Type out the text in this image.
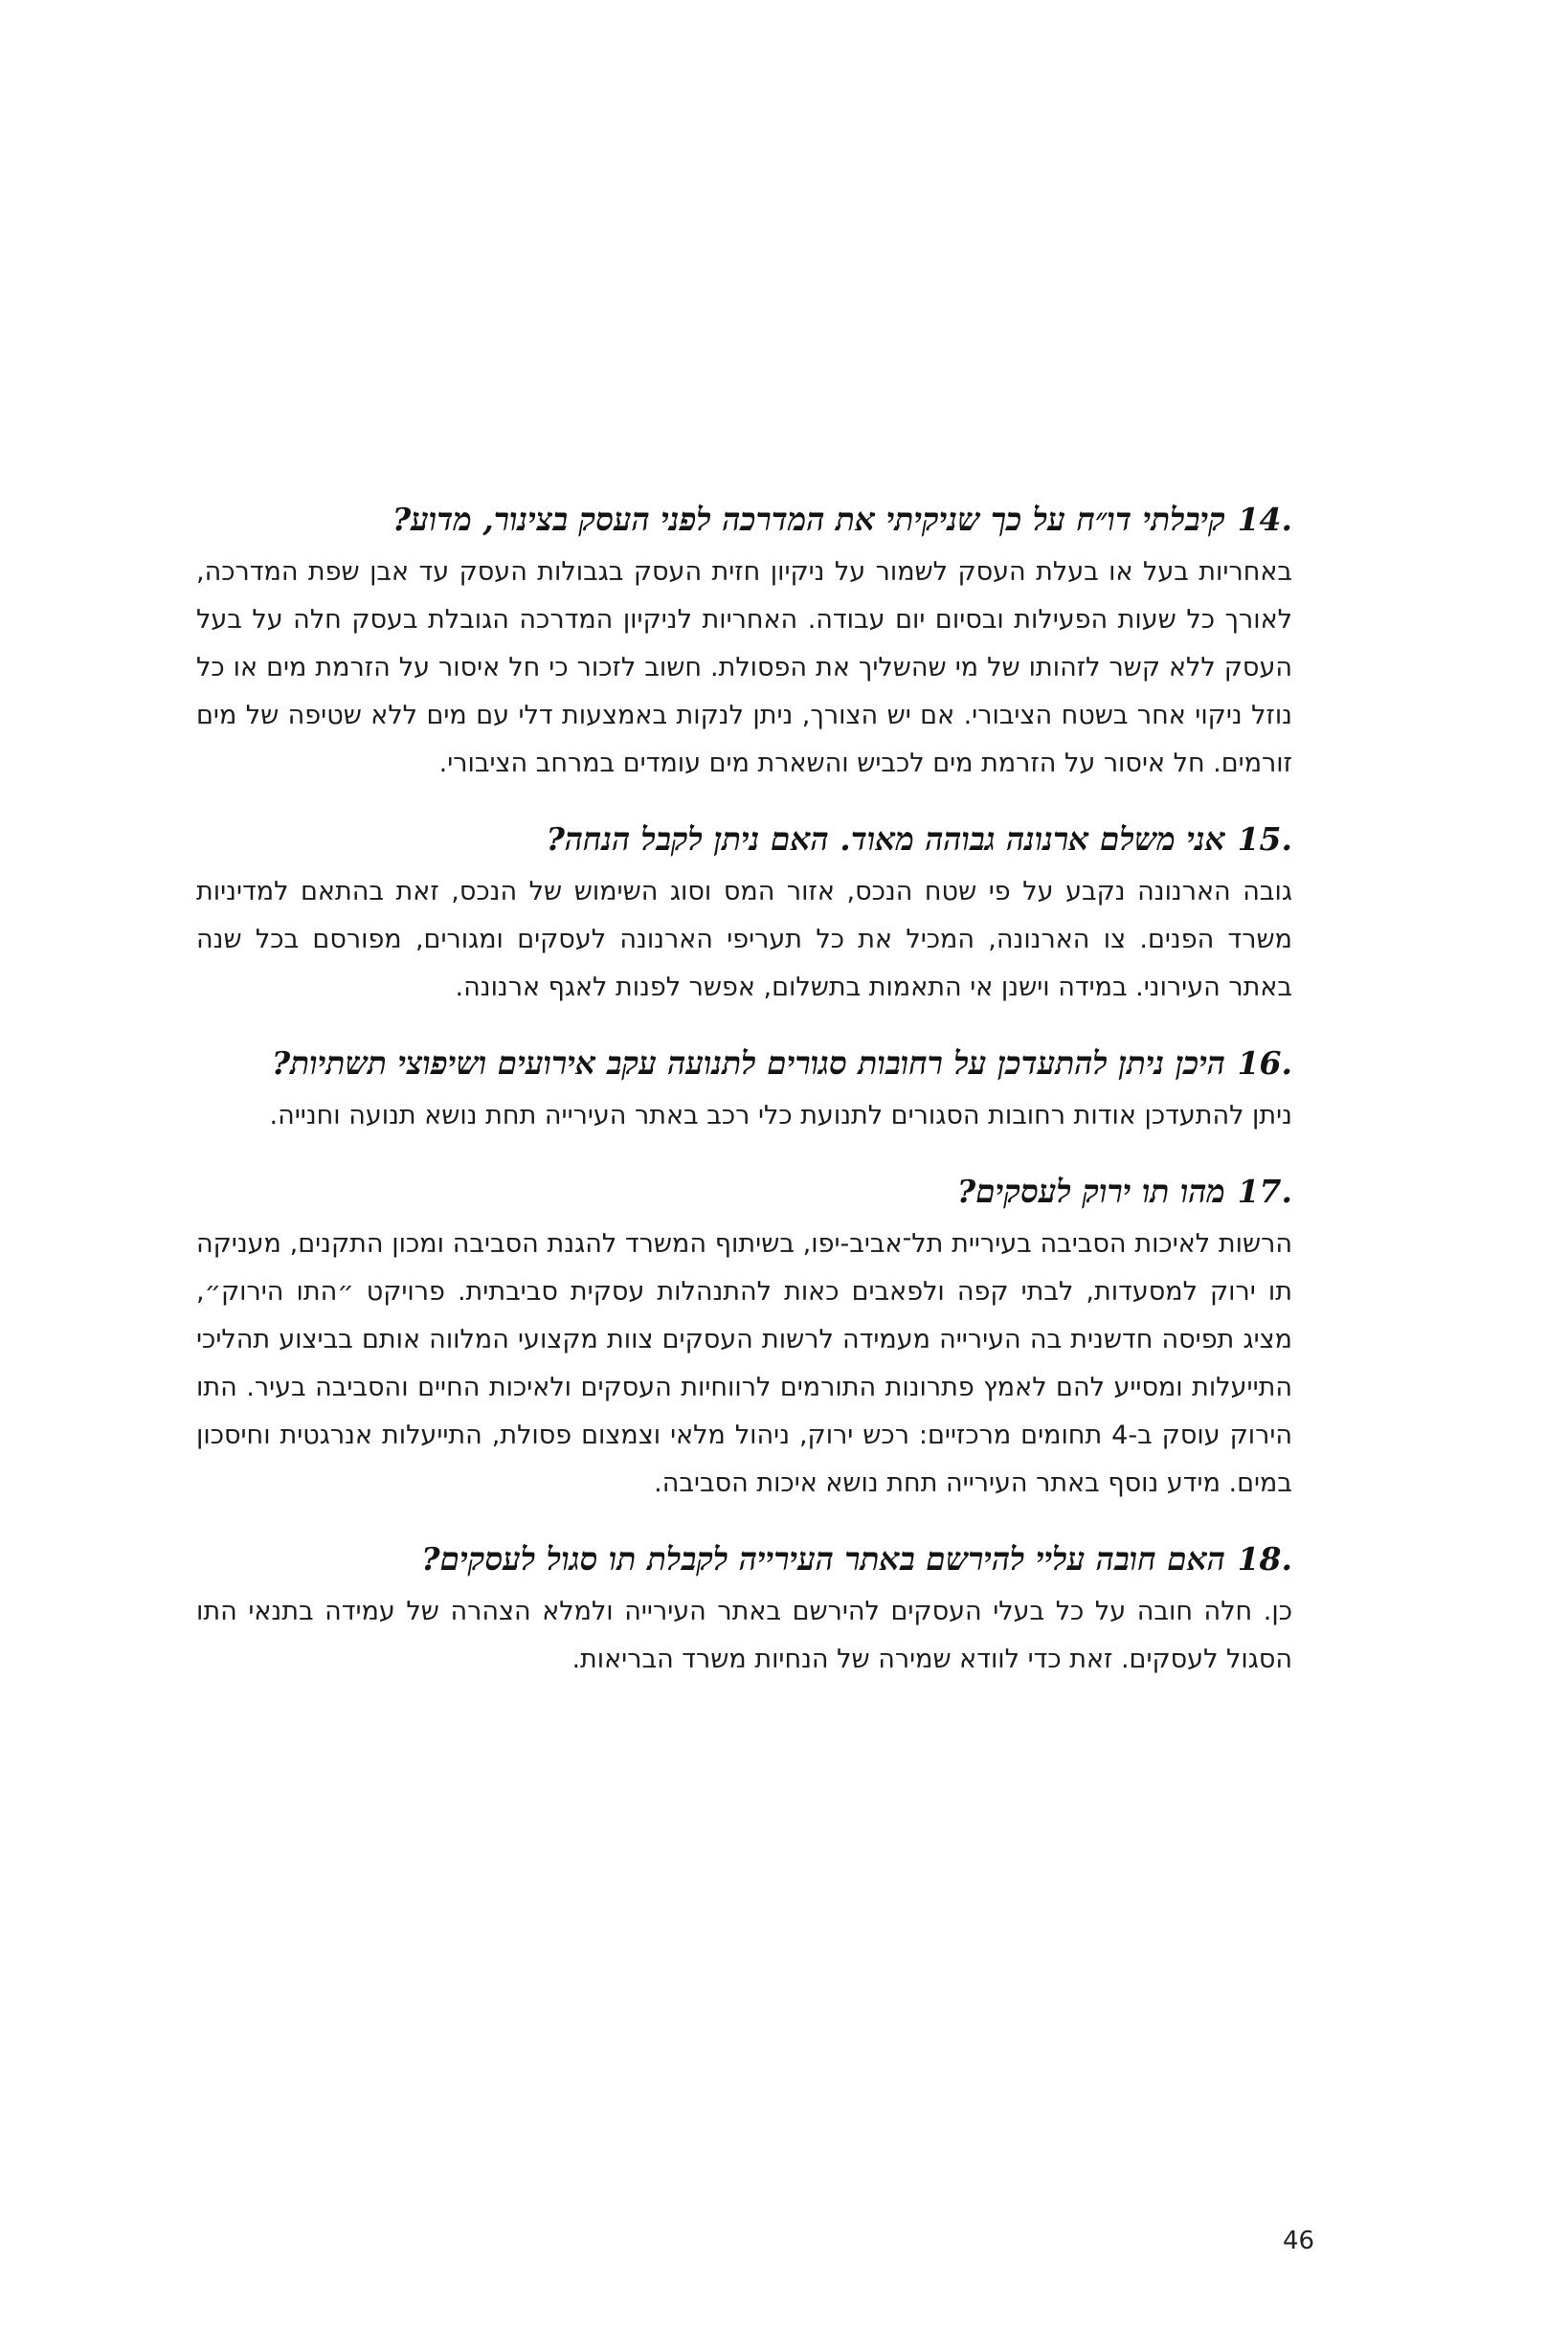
.14
קיבלתי דו״ח על כך שניקיתי את המדרכה לפני העסק בצינור, מדוע?

באחריות בעל או בעלת העסק לשמור על ניקיון חזית העסק בגבולות העסק עד אבן שפת המדרכה, לאורך כל שעות הפעילות ובסיום יום עבודה. האחריות לניקיון המדרכה הגובלת בעסק חלה על בעל העסק ללא קשר לזהותו של מי שהשליך את הפסולת. חשוב לזכור כי חל איסור על הזרמת מים או כל נוזל ניקוי אחר בשטח הציבורי. אם יש הצורך, ניתן לנקות באמצעות דלי עם מים ללא שטיפה של מים זורמים. חל איסור על הזרמת מים לכביש והשארת מים עומדים במרחב הציבורי.

.15
אני משלם ארנונה גבוהה מאוד. האם ניתן לקבל הנחה?

גובה הארנונה נקבע על פי שטח הנכס, אזור המס וסוג השימוש של הנכס, זאת בהתאם למדיניות משרד הפנים. צו הארנונה, המכיל את כל תעריפי הארנונה לעסקים ומגורים, מפורסם בכל שנה באתר העירוני. במידה וישנן אי התאמות בתשלום, אפשר לפנות לאגף ארנונה.

.16
היכן ניתן להתעדכן על רחובות סגורים לתנועה עקב אירועים ושיפוצי תשתיות?

ניתן להתעדכן אודות רחובות הסגורים לתנועת כלי רכב באתר העירייה תחת נושא תנועה וחנייה.

.17
מהו תו ירוק לעסקים?

הרשות לאיכות הסביבה בעיריית תל־אביב-יפו, בשיתוף המשרד להגנת הסביבה ומכון התקנים, מעניקה תו ירוק למסעדות, לבתי קפה ולפאבים כאות להתנהלות עסקית סביבתית. פרויקט ״התו הירוק״, מציג תפיסה חדשנית בה העירייה מעמידה לרשות העסקים צוות מקצועי המלווה אותם בביצוע תהליכי התייעלות ומסייע להם לאמץ פתרונות התורמים לרווחיות העסקים ולאיכות החיים והסביבה בעיר. התו הירוק עוסק ב-4 תחומים מרכזיים: רכש ירוק, ניהול מלאי וצמצום פסולת, התייעלות אנרגטית וחיסכון במים. מידע נוסף באתר העירייה תחת נושא איכות הסביבה.

.18
האם חובה עליי להירשם באתר העירייה לקבלת תו סגול לעסקים?

כן. חלה חובה על כל בעלי העסקים להירשם באתר העירייה ולמלא הצהרה של עמידה בתנאי התו הסגול לעסקים. זאת כדי לוודא שמירה של הנחיות משרד הבריאות.

46
